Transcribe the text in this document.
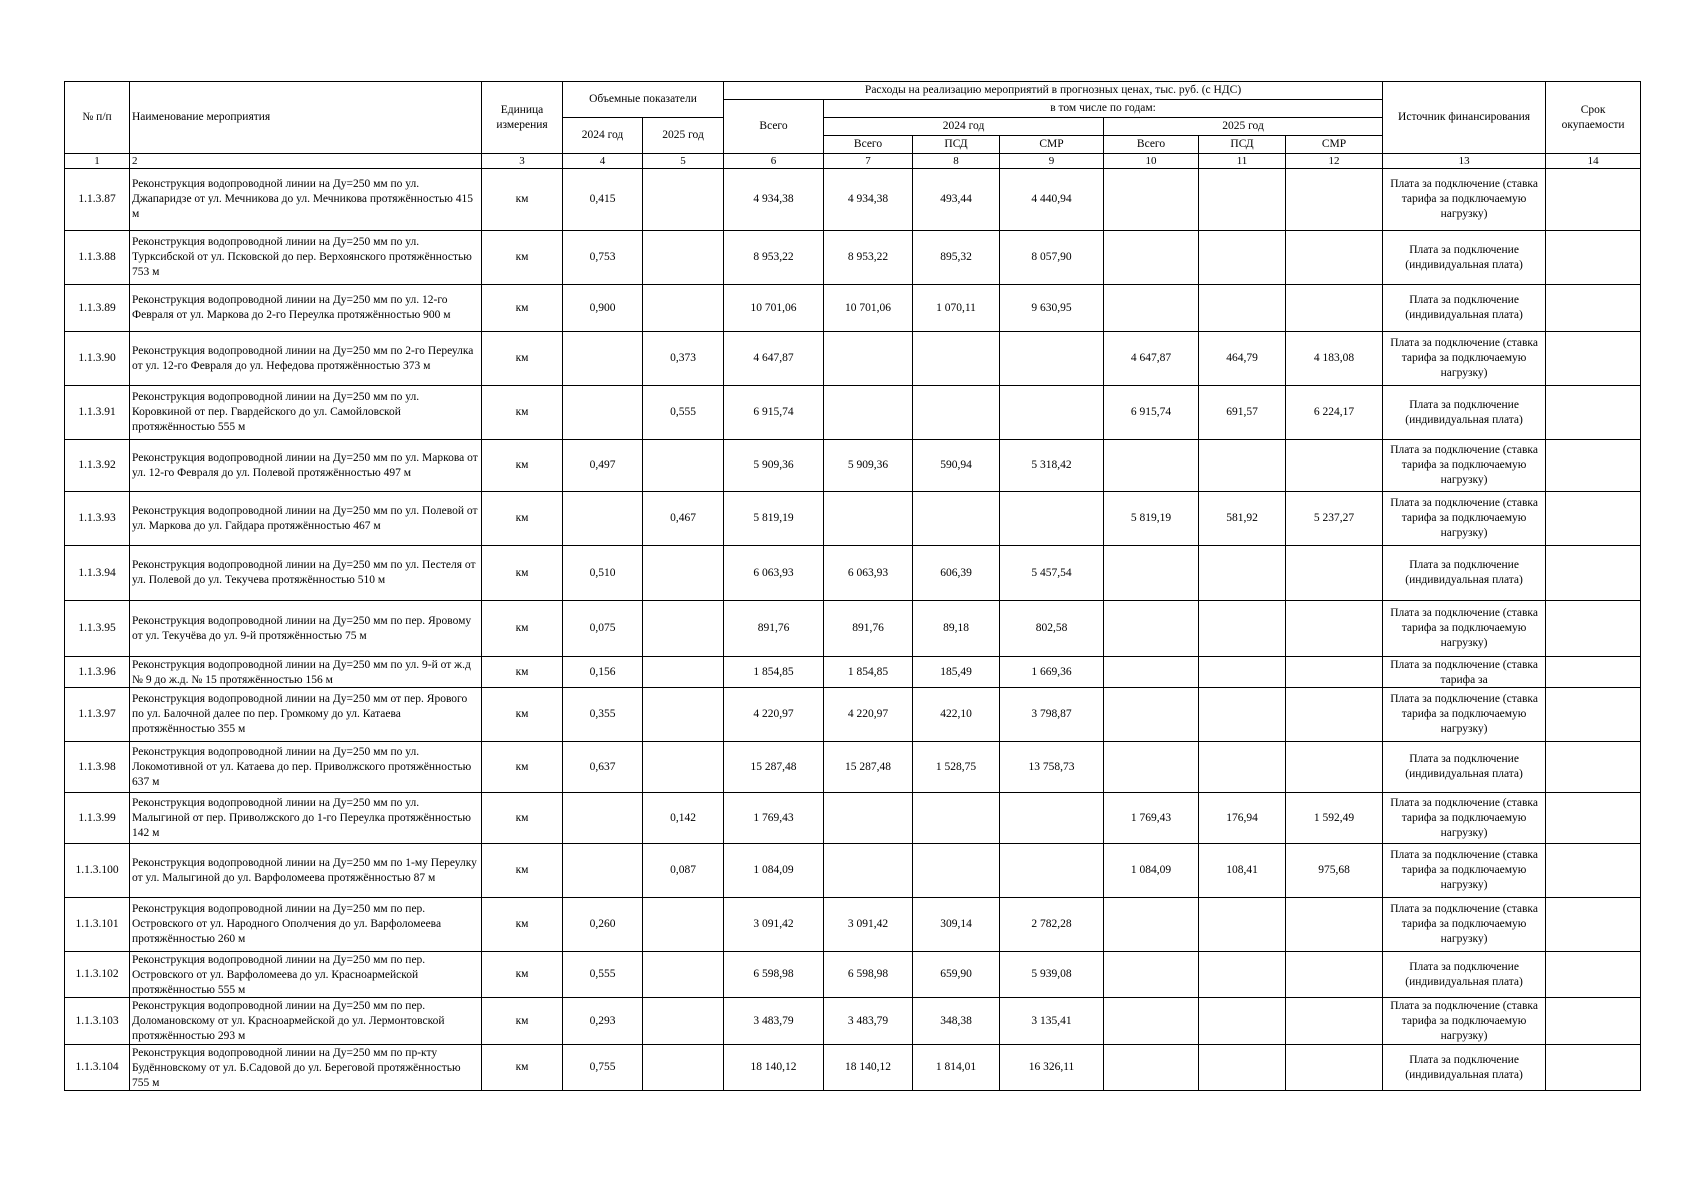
№ п/п	Наименование мероприятия	Единица измерения	Объемные показатели		Расходы на реализацию мероприятий в прогнозных ценах, тыс. руб. (с НДС)							Источник финансирования	Срок окупаемости
					Всего	в том числе по годам:							
			2024 год	2025 год		2024 год			2025 год				
						Всего	ПСД	СМР	Всего	ПСД	СМР		
1	2	3	4	5	6	7	8	9	10	11	12	13	14
1.1.3.87	Реконструкция водопроводной линии на Ду=250 мм по ул. Джапаридзе от ул. Мечникова до ул. Мечникова протяжённостью 415 м	км	0,415		4 934,38	4 934,38	493,44	4 440,94				Плата за подключение (ставка тарифа за подключаемую нагрузку)	

1.1.3.88	Реконструкция водопроводной линии на Ду=250 мм по ул. Турксибской от ул. Псковской до пер. Верхоянского протяжённостью 753 м	км	0,753		8 953,22	8 953,22	895,32	8 057,90				Плата за подключение (индивидуальная плата)	

1.1.3.89	Реконструкция водопроводной линии на Ду=250 мм по ул. 12-го Февраля от ул. Маркова до 2-го Переулка протяжённостью 900 м	км	0,900		10 701,06	10 701,06	1 070,11	9 630,95				Плата за подключение (индивидуальная плата)	

1.1.3.90	Реконструкция водопроводной линии на Ду=250 мм по 2-го Переулка от ул. 12-го Февраля до ул. Нефедова протяжённостью 373 м	км		0,373	4 647,87				4 647,87	464,79	4 183,08	Плата за подключение (ставка тарифа за подключаемую нагрузку)	

1.1.3.91	Реконструкция водопроводной линии на Ду=250 мм по ул. Коровкиной от пер. Гвардейского до ул. Самойловской протяжённостью 555 м	км		0,555	6 915,74				6 915,74	691,57	6 224,17	Плата за подключение (индивидуальная плата)	

1.1.3.92	Реконструкция водопроводной линии на Ду=250 мм по ул. Маркова от ул. 12-го Февраля до ул. Полевой протяжённостью 497 м	км	0,497		5 909,36	5 909,36	590,94	5 318,42				Плата за подключение (ставка тарифа за подключаемую нагрузку)	

1.1.3.93	Реконструкция водопроводной линии на Ду=250 мм по ул. Полевой от ул. Маркова до ул. Гайдара протяжённостью 467 м	км		0,467	5 819,19				5 819,19	581,92	5 237,27	Плата за подключение (ставка тарифа за подключаемую нагрузку)	

1.1.3.94	Реконструкция водопроводной линии на Ду=250 мм по ул. Пестеля от ул. Полевой до ул. Текучева протяжённостью 510 м	км	0,510		6 063,93	6 063,93	606,39	5 457,54				Плата за подключение (индивидуальная плата)	

1.1.3.95	Реконструкция водопроводной линии на Ду=250 мм по пер. Яровому от ул. Текучёва до ул. 9-й протяжённостью 75 м	км	0,075		891,76	891,76	89,18	802,58				Плата за подключение (ставка тарифа за подключаемую нагрузку)	

1.1.3.96	Реконструкция водопроводной линии на Ду=250 мм по ул. 9-й от ж.д № 9 до ж.д. № 15 протяжённостью 156 м	км	0,156		1 854,85	1 854,85	185,49	1 669,36				Плата за подключение (ставка тарифа за	

1.1.3.97	Реконструкция водопроводной линии на Ду=250 мм от пер. Ярового по ул. Балочной далее по пер. Громкому до ул. Катаева протяжённостью 355 м	км	0,355		4 220,97	4 220,97	422,10	3 798,87				Плата за подключение (ставка тарифа за подключаемую нагрузку)	

1.1.3.98	Реконструкция водопроводной линии на Ду=250 мм по ул. Локомотивной от ул. Катаева до пер. Приволжского протяжённостью 637 м	км	0,637		15 287,48	15 287,48	1 528,75	13 758,73				Плата за подключение (индивидуальная плата)	

1.1.3.99	Реконструкция водопроводной линии на Ду=250 мм по ул. Малыгиной от пер. Приволжского до 1-го Переулка протяжённостью 142 м	км		0,142	1 769,43				1 769,43	176,94	1 592,49	Плата за подключение (ставка тарифа за подключаемую нагрузку)	

1.1.3.100	Реконструкция водопроводной линии на Ду=250 мм по 1-му Переулку от ул. Малыгиной до ул. Варфоломеева протяжённостью 87 м	км		0,087	1 084,09				1 084,09	108,41	975,68	Плата за подключение (ставка тарифа за подключаемую нагрузку)	

1.1.3.101	Реконструкция водопроводной линии на Ду=250 мм по пер. Островского от ул. Народного Ополчения до ул. Варфоломеева протяжённостью 260 м	км	0,260		3 091,42	3 091,42	309,14	2 782,28				Плата за подключение (ставка тарифа за подключаемую нагрузку)	

1.1.3.102	Реконструкция водопроводной линии на Ду=250 мм по пер. Островского от ул. Варфоломеева до ул. Красноармейской протяжённостью 555 м	км	0,555		6 598,98	6 598,98	659,90	5 939,08				Плата за подключение (индивидуальная плата)	

1.1.3.103	Реконструкция водопроводной линии на Ду=250 мм по пер. Доломановскому от ул. Красноармейской до ул. Лермонтовской протяжённостью 293 м	км	0,293		3 483,79	3 483,79	348,38	3 135,41				Плата за подключение (ставка тарифа за подключаемую нагрузку)	

1.1.3.104	Реконструкция водопроводной линии на Ду=250 мм по пр-кту Будённовскому от ул. Б.Садовой до ул. Береговой протяжённостью 755 м	км	0,755		18 140,12	18 140,12	1 814,01	16 326,11				Плата за подключение (индивидуальная плата)	
